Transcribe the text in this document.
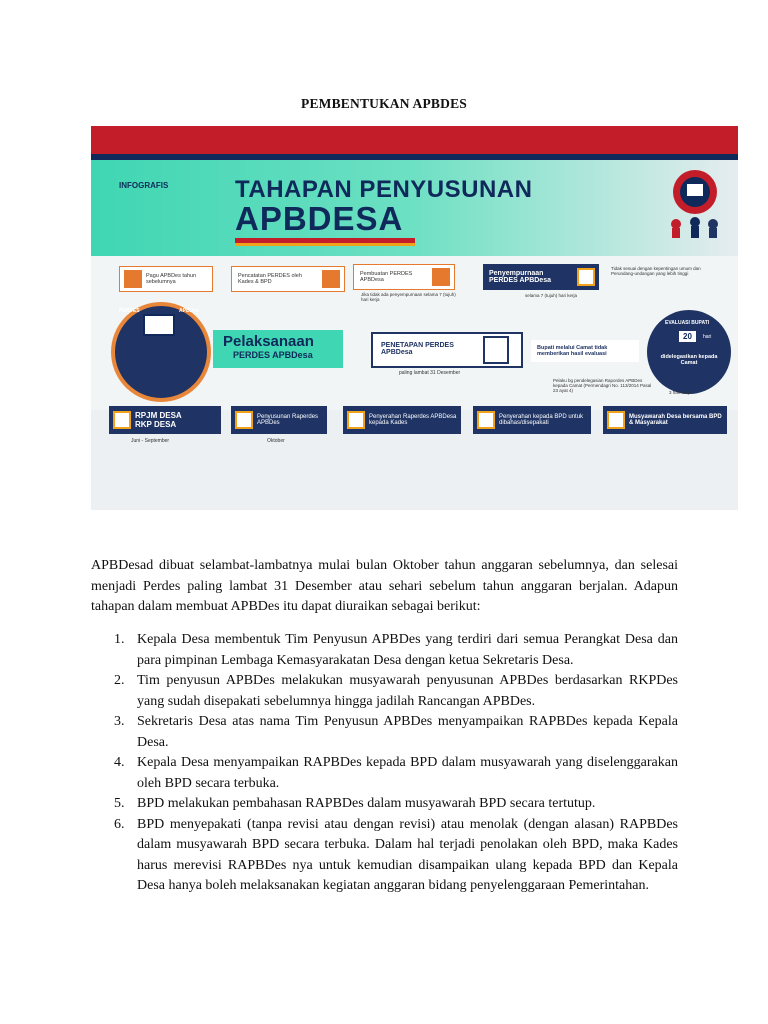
PEMBENTUKAN APBDES
INFOGRAFIS	TAHAPAN PENYUSUNAN
APBDESA
Pagu APBDes tahun sebelumnya
Pencatatan PERDES oleh Kades & BPD
Pembuatan PERDES APBDesa
Jika tidak ada penyempurnaan selama 7 (tujuh) hari kerja
Penyempurnaan PERDES APBDesa
selama 7 (tujuh) hari kerja
Tidak sesuai dengan kepentingan umum dan Perundang-undangan yang lebih tinggi
PERDES	APBDes
Pelaksanaan
PERDES APBDesa
PENETAPAN PERDES APBDesa
paling lambat 31 Desember
Bupati melalui Camat tidak memberikan hasil evaluasi
EVALUASI BUPATI
20	hari
didelegasikan kepada Camat
Pelaku bg pendelegasian Rapordes APBDes kepada Camat (Permendagri No. 113/2014 Pasal 23 ayat 4)	3 hari kerja
RPJM DESA
RKP DESA
Juni - September
Penyusunan Raperdes APBDes
Oktober
Penyerahan Raperdes APBDesa kepada Kades
Penyerahan kepada BPD untuk dibahas/disepakati
Musyawarah Desa bersama BPD & Masyarakat
APBDesad dibuat selambat-lambatnya mulai bulan Oktober tahun anggaran sebelumnya, dan selesai menjadi Perdes paling lambat 31 Desember atau sehari sebelum tahun anggaran berjalan. Adapun tahapan dalam membuat APBDes itu dapat diuraikan sebagai berikut:
1. Kepala Desa membentuk Tim Penyusun APBDes yang terdiri dari semua Perangkat Desa dan para pimpinan Lembaga Kemasyarakatan Desa dengan ketua Sekretaris Desa.
2. Tim penyusun APBDes melakukan musyawarah penyusunan APBDes berdasarkan RKPDes yang sudah disepakati sebelumnya hingga jadilah Rancangan APBDes.
3. Sekretaris Desa atas nama Tim Penyusun APBDes menyampaikan RAPBDes kepada Kepala Desa.
4. Kepala Desa menyampaikan RAPBDes kepada BPD dalam musyawarah yang diselenggarakan oleh BPD secara terbuka.
5. BPD melakukan pembahasan RAPBDes dalam musyawarah BPD secara tertutup.
6. BPD menyepakati (tanpa revisi atau dengan revisi) atau menolak (dengan alasan) RAPBDes dalam musyawarah BPD secara terbuka. Dalam hal terjadi penolakan oleh BPD, maka Kades harus merevisi RAPBDes nya untuk kemudian disampaikan ulang kepada BPD dan Kepala Desa hanya boleh melaksanakan kegiatan anggaran bidang penyelenggaraan Pemerintahan.
